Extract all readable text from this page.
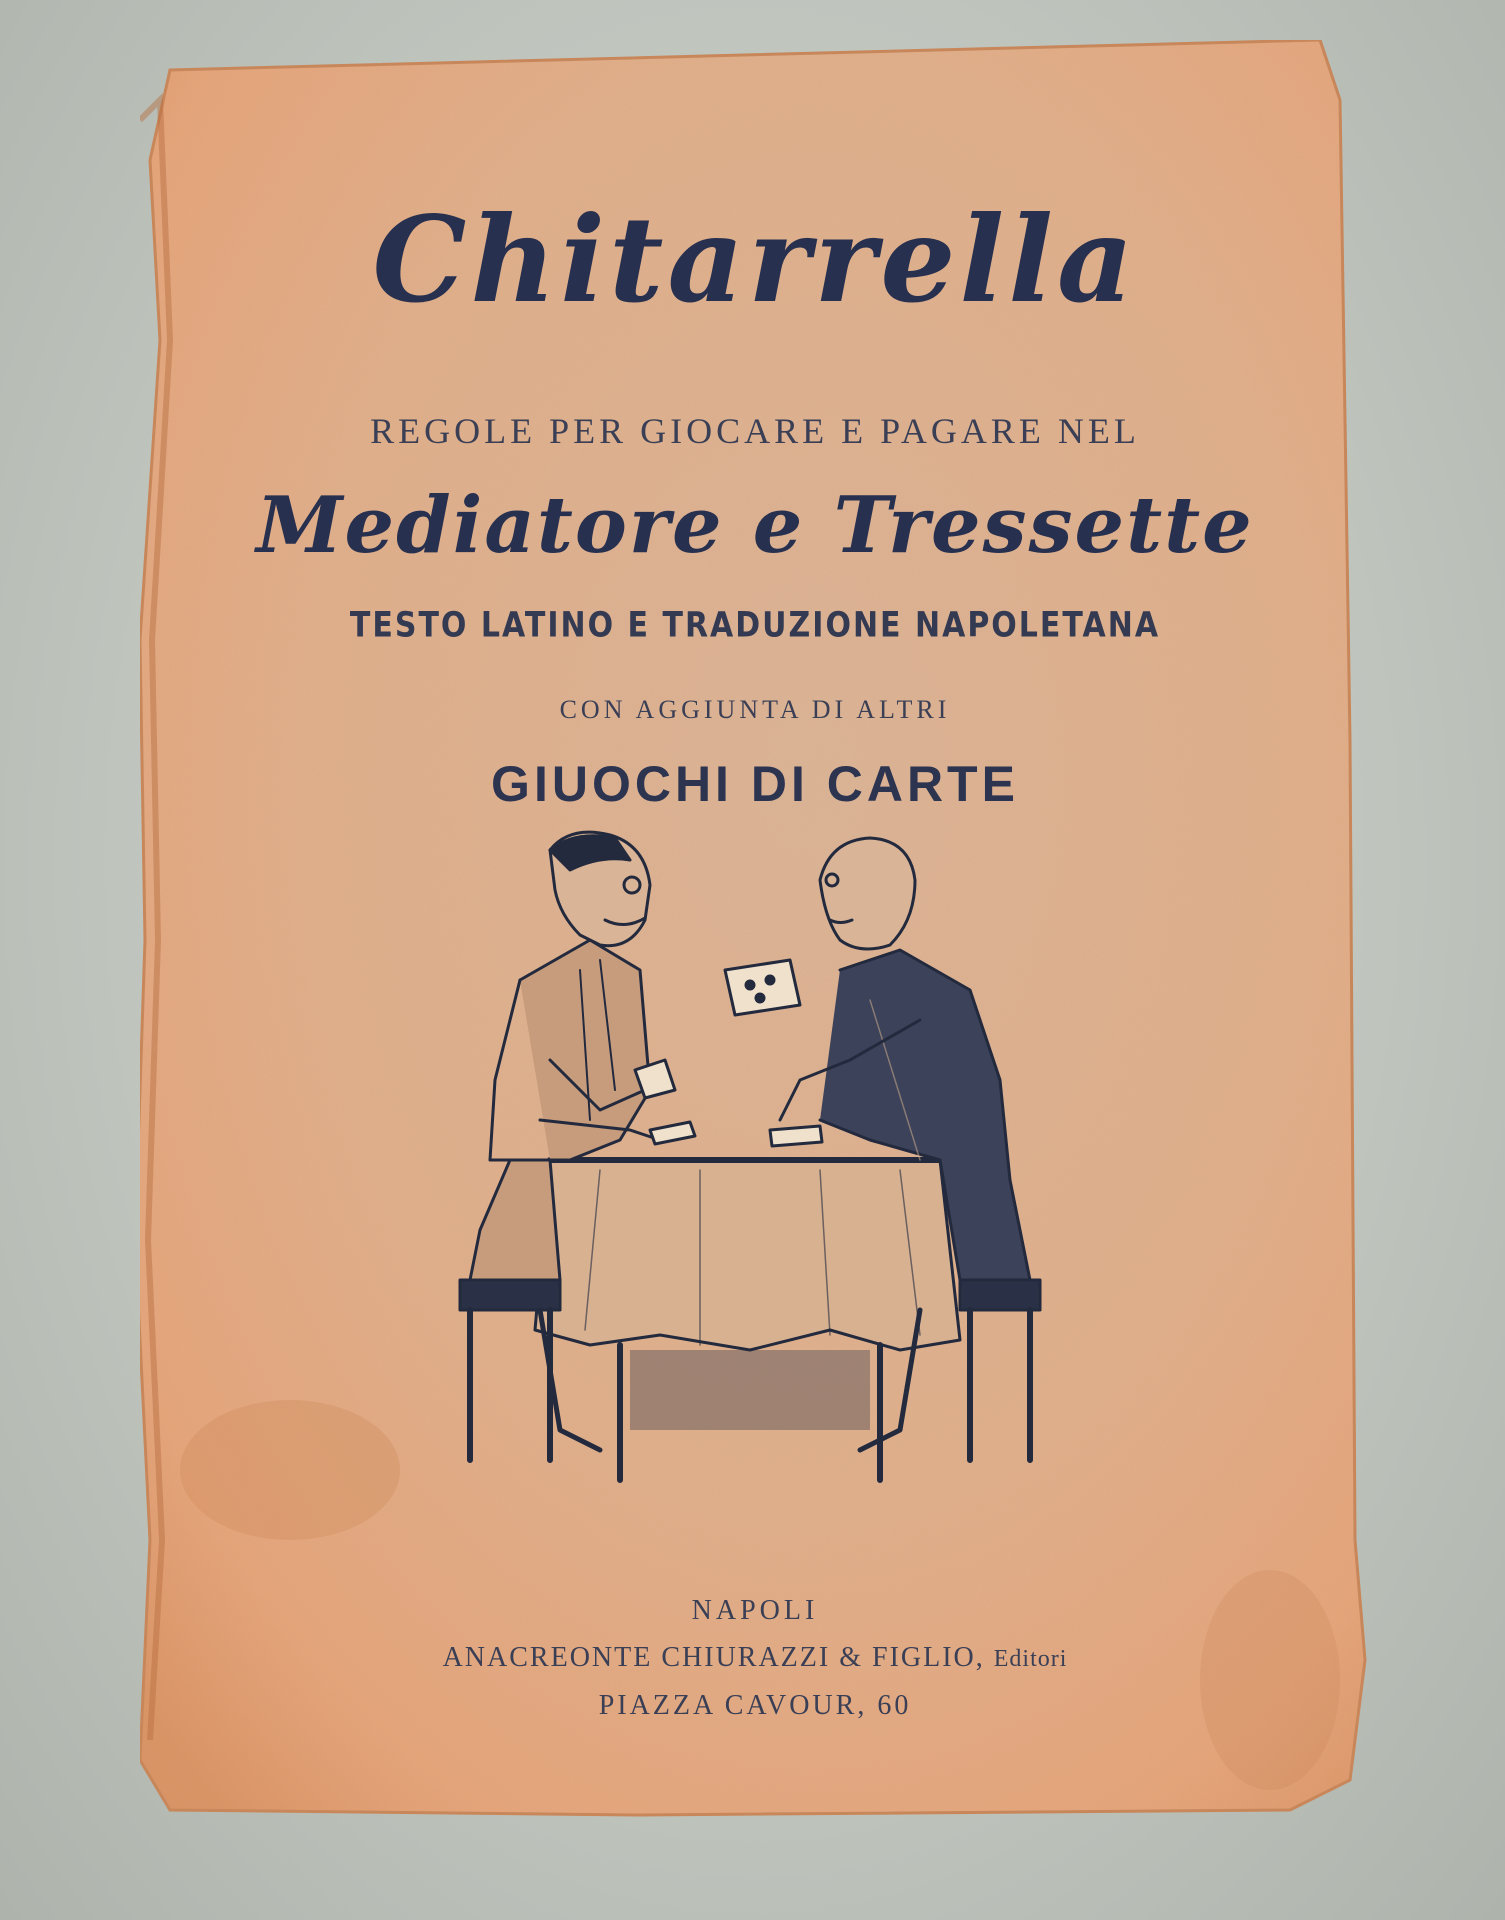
Chitarrella

REGOLE PER GIOCARE E PAGARE NEL

Mediatore e Tressette

TESTO LATINO E TRADUZIONE NAPOLETANA

CON AGGIUNTA DI ALTRI

GIUOCHI DI CARTE

NAPOLI

ANACREONTE CHIURAZZI & FIGLIO, Editori

PIAZZA CAVOUR, 60
